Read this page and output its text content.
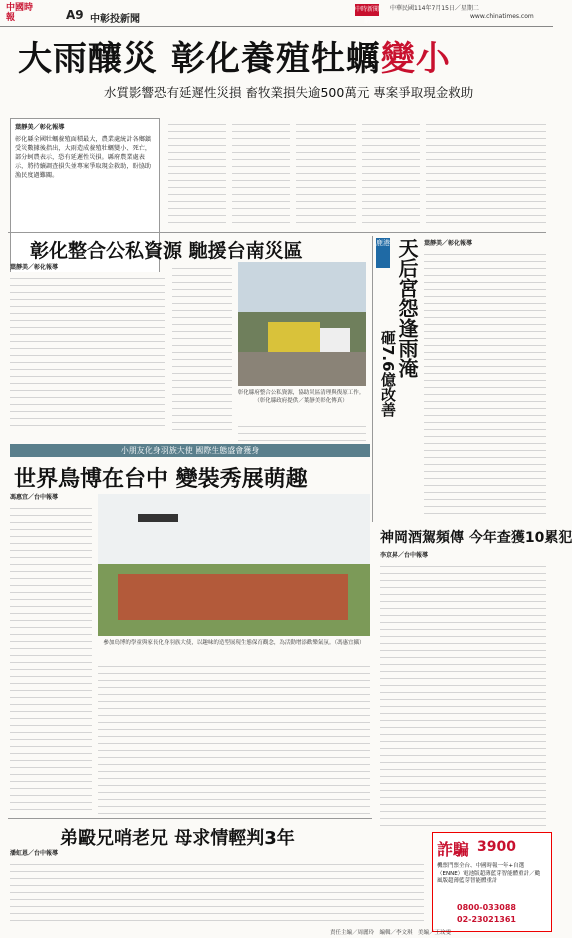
中國時報	A9 中彰投新聞
中時新聞網
中華民國114年7月15日／星期二
www.chinatimes.com
大雨釀災 彰化養殖牡蠣變小
水質影響恐有延遲性災損 畜牧業損失逾500萬元 專案爭取現金救助
葉靜美／彰化報導
彰化縣全國牡蠣養殖面積最大，農業處統計各鄉鎮受災數據後指出，大雨造成養殖牡蠣變小、死亡，部分蚵農表示，恐有延遲性災損。縣府農業處表示，將持續調查損失並專案爭取現金救助，盼協助漁民度過難關。
彰化整合公私資源 馳援台南災區
葉靜美／彰化報導
彰化縣府整合公私資源，協助災區清理與復原工作。（彰化縣政府提供／葉靜美彰化傳真）
鹿港 天后宮怨逢雨淹
砸7.6億改善
葉靜美／彰化報導
小朋友化身羽族大使 國際生態盛會獲身
世界鳥博在台中 變裝秀展萌趣
馮惠宜／台中報導
參加鳥博的學童與家長化身羽族大使，以趣味的造型展現生態保育觀念，為活動增添歡樂氣氛。（馮惠宜攝）
神岡酒駕頻傳 今年查獲10累犯
李京昇／台中報導
弟毆兄哨老兄 母求情輕判3年
潘虹恩／台中報導	詐騙 3900
機票門票全台、中國時報一年+自選（ENNE）電池版超薄藍芽智能體重計／颱風版超薄藍芽智能體重計
0800-033088
02-23021361
責任主編／周麗玲　編輯／李文琪　美編／王玟雯
